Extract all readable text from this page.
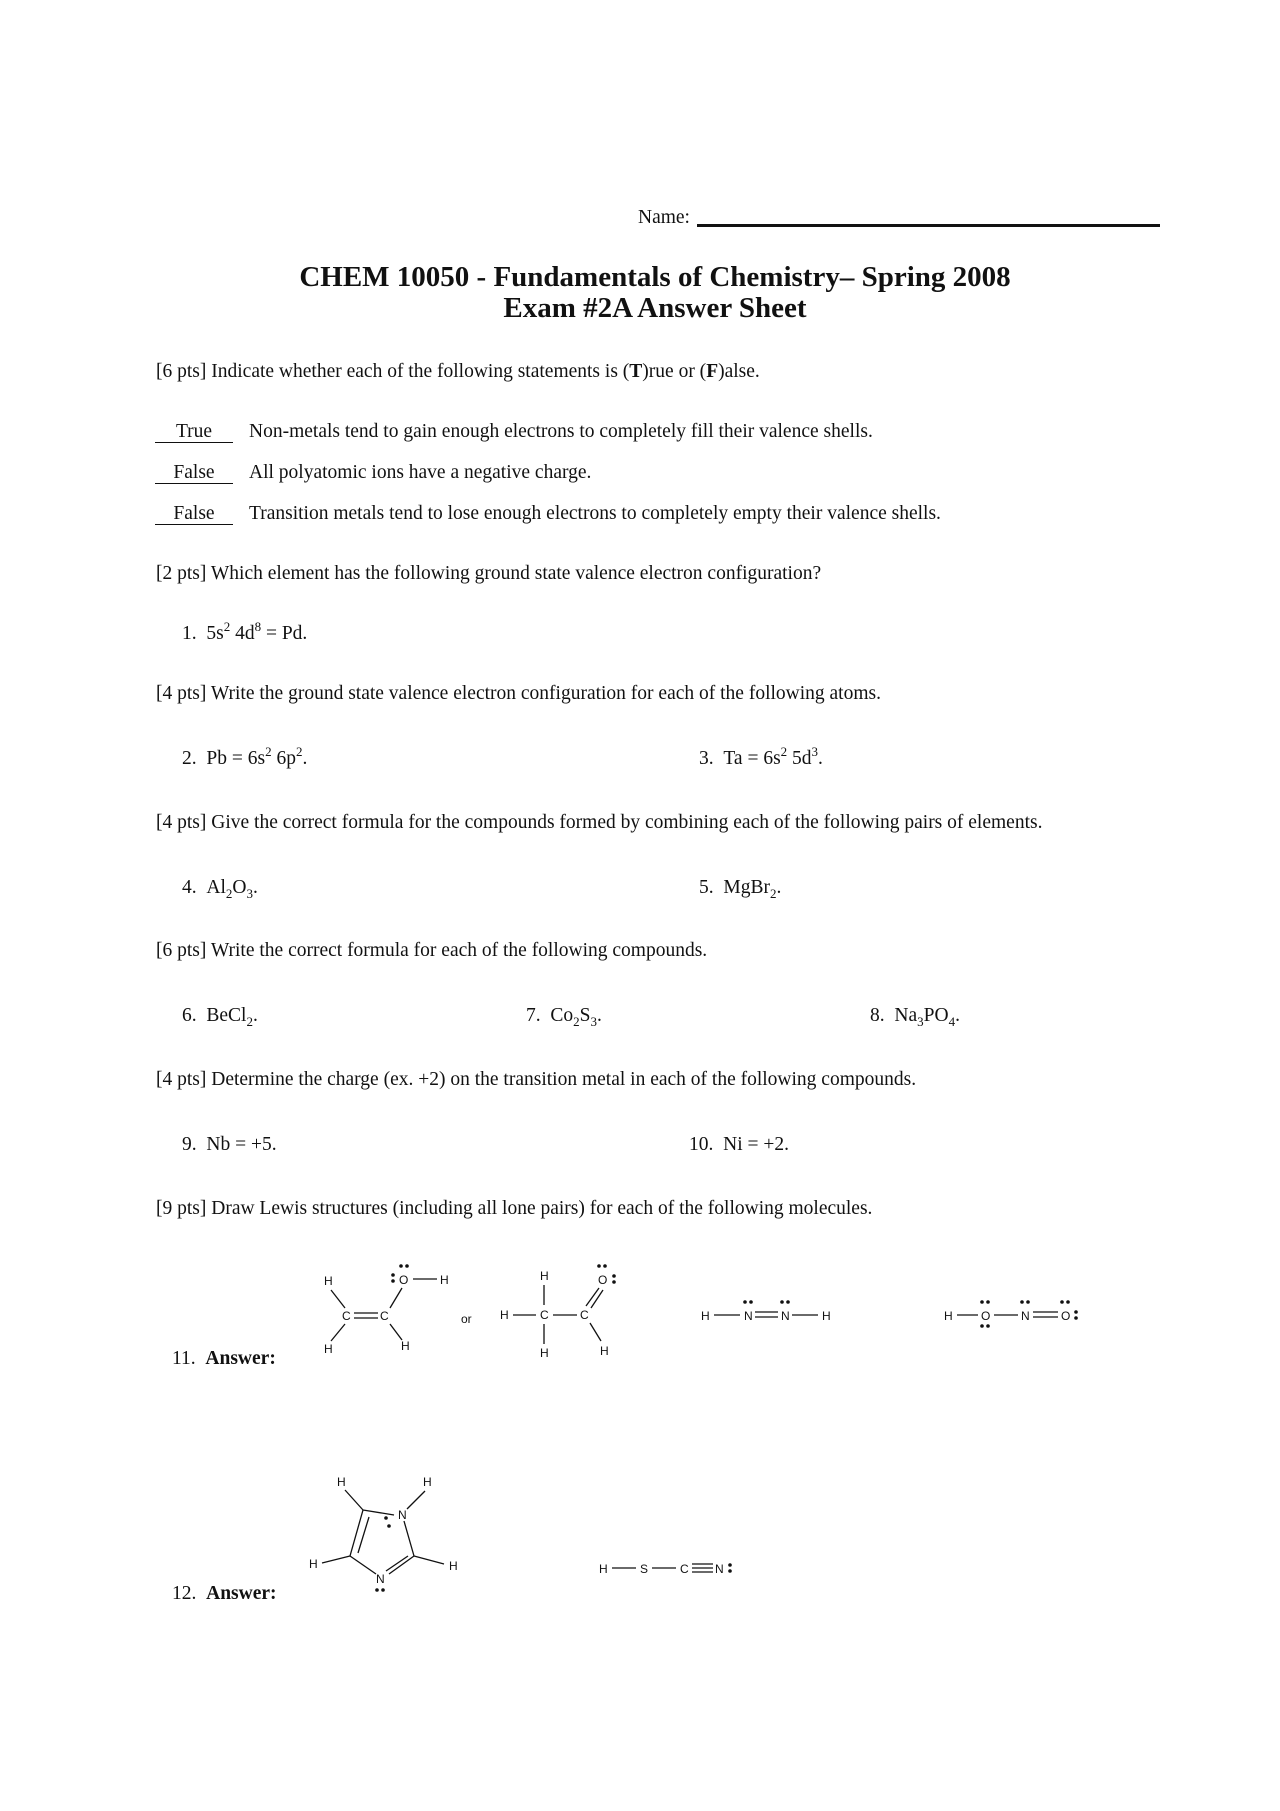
Name:
CHEM 10050 - Fundamentals of Chemistry– Spring 2008
Exam #2A Answer Sheet
[6 pts] Indicate whether each of the following statements is (T)rue or (F)alse.
True	Non-metals tend to gain enough electrons to completely fill their valence shells.
False	All polyatomic ions have a negative charge.
False	Transition metals tend to lose enough electrons to completely empty their valence shells.
[2 pts] Which element has the following ground state valence electron configuration?
1. $5s^2$ $4d^8 = Pd$.
[4 pts] Write the ground state valence electron configuration for each of the following atoms.
2. $Pb = 6s^2$ $6p^2$.	3. $Ta = 6s^2$ $5d^3$.
[4 pts] Give the correct formula for the compounds formed by combining each of the following pairs of elements.
4. $Al_2O_3$.	5. MgBr$_2$.
[6 pts] Write the correct formula for each of the following compounds.
6. BeCl$_2$.	7. $Co_2S_3$.	8. $Na_3PO_4$.
[4 pts] Determine the charge (ex. +2) on the transition metal in each of the following compounds.
9. Nb = +5.	10. Ni = +2.
[9 pts] Draw Lewis structures (including all lone pairs) for each of the following molecules.
11. Answer:
12. Answer:
H
C C
H	H
O	H
or
H
H	C	C
H	H
O
H	N N	H	H O	N	O
H	H
N
H	H
N
H	S	C N
